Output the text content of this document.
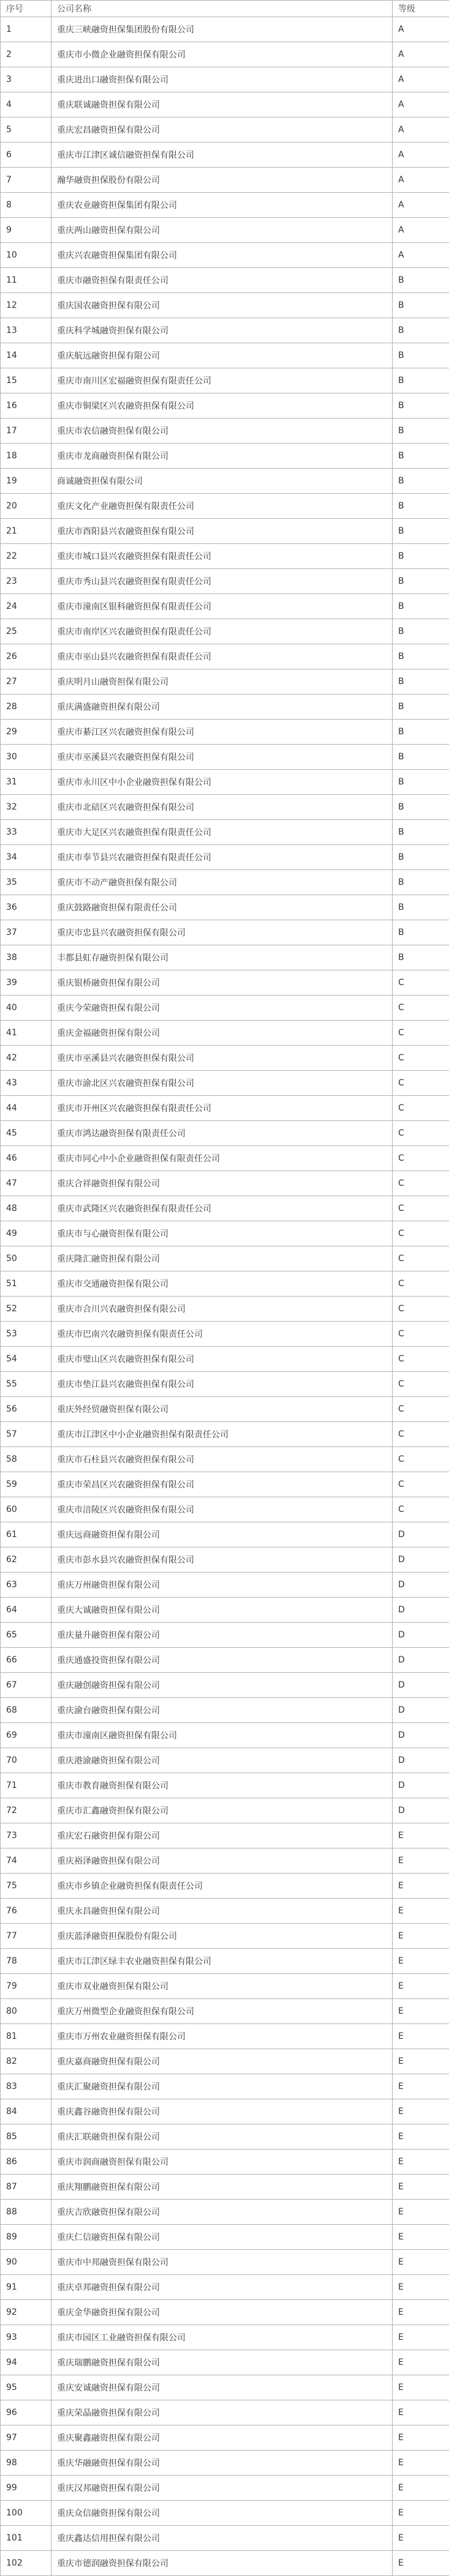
序号	公司名称	等级
1	重庆三峡融资担保集团股份有限公司	A
2	重庆市小微企业融资担保有限公司	A
3	重庆进出口融资担保有限公司	A
4	重庆联诚融资担保有限公司	A
5	重庆宏昌融资担保有限公司	A
6	重庆市江津区诚信融资担保有限公司	A
7	瀚华融资担保股份有限公司	A
8	重庆农业融资担保集团有限公司	A
9	重庆两山融资担保有限公司	A
10	重庆兴农融资担保集团有限公司	A
11	重庆市融资担保有限责任公司	B
12	重庆国农融资担保有限公司	B
13	重庆科学城融资担保有限公司	B
14	重庆航远融资担保有限公司	B
15	重庆市南川区宏福融资担保有限责任公司	B
16	重庆市铜梁区兴农融资担保有限公司	B
17	重庆市农信融资担保有限公司	B
18	重庆市龙商融资担保有限公司	B
19	商诚融资担保有限公司	B
20	重庆文化产业融资担保有限责任公司	B
21	重庆市酉阳县兴农融资担保有限公司	B
22	重庆市城口县兴农融资担保有限责任公司	B
23	重庆市秀山县兴农融资担保有限责任公司	B
24	重庆市潼南区银科融资担保有限责任公司	B
25	重庆市南岸区兴农融资担保有限责任公司	B
26	重庆市巫山县兴农融资担保有限责任公司	B
27	重庆明月山融资担保有限公司	B
28	重庆满盛融资担保有限公司	B
29	重庆市綦江区兴农融资担保有限公司	B
30	重庆市巫溪县兴农融资担保有限公司	B
31	重庆市永川区中小企业融资担保有限公司	B
32	重庆市北碚区兴农融资担保有限公司	B
33	重庆市大足区兴农融资担保有限责任公司	B
34	重庆市奉节县兴农融资担保有限责任公司	B
35	重庆市不动产融资担保有限公司	B
36	重庆鼓路融资担保有限责任公司	B
37	重庆市忠县兴农融资担保有限公司	B
38	丰都县虹存融资担保有限公司	B
39	重庆银桥融资担保有限公司	C
40	重庆今荣融资担保有限公司	C
41	重庆金福融资担保有限公司	C
42	重庆市巫溪县兴农融资担保有限公司	C
43	重庆市渝北区兴农融资担保有限公司	C
44	重庆市开州区兴农融资担保有限责任公司	C
45	重庆市鸿达融资担保有限责任公司	C
46	重庆市同心中小企业融资担保有限责任公司	C
47	重庆合祥融资担保有限公司	C
48	重庆市武隆区兴农融资担保有限责任公司	C
49	重庆市与心融资担保有限公司	C
50	重庆隆汇融资担保有限公司	C
51	重庆市交通融资担保有限公司	C
52	重庆市合川兴农融资担保有限公司	C
53	重庆市巴南兴农融资担保有限责任公司	C
54	重庆市璧山区兴农融资担保有限公司	C
55	重庆市垫江县兴农融资担保有限公司	C
56	重庆外经贸融资担保有限公司	C
57	重庆市江津区中小企业融资担保有限责任公司	C
58	重庆市石柱县兴农融资担保有限公司	C
59	重庆市荣昌区兴农融资担保有限公司	C
60	重庆市涪陵区兴农融资担保有限公司	C
61	重庆远商融资担保有限公司	D
62	重庆市彭水县兴农融资担保有限公司	D
63	重庆万州融资担保有限公司	D
64	重庆大诚融资担保有限公司	D
65	重庆量升融资担保有限公司	D
66	重庆通盛投资担保有限公司	D
67	重庆融创融资担保有限公司	D
68	重庆渝台融资担保有限公司	D
69	重庆市潼南区融资担保有限公司	D
70	重庆港渝融资担保有限公司	D
71	重庆市教育融资担保有限公司	D
72	重庆市汇鑫融资担保有限公司	D
73	重庆宏石融资担保有限公司	E
74	重庆裕泽融资担保有限公司	E
75	重庆市乡镇企业融资担保有限责任公司	E
76	重庆永昌融资担保有限公司	E
77	重庆蓝泽融资担保股份有限公司	E
78	重庆市江津区绿丰农业融资担保有限公司	E
79	重庆市双业融资担保有限公司	E
80	重庆万州微型企业融资担保有限公司	E
81	重庆市万州农业融资担保有限公司	E
82	重庆嘉商融资担保有限公司	E
83	重庆汇聚融资担保有限公司	E
84	重庆鑫谷融资担保有限公司	E
85	重庆汇联融资担保有限公司	E
86	重庆市润商融资担保有限公司	E
87	重庆翔鹏融资担保有限公司	E
88	重庆吉欣融资担保有限公司	E
89	重庆仁信融资担保有限公司	E
90	重庆市中邦融资担保有限公司	E
91	重庆卓邦融资担保有限公司	E
92	重庆金华融资担保有限公司	E
93	重庆市园区工业融资担保有限公司	E
94	重庆瑞鹏融资担保有限公司	E
95	重庆安诚融资担保有限公司	E
96	重庆荣晶融资担保有限公司	E
97	重庆聚鑫融资担保有限公司	E
98	重庆华融融资担保有限公司	E
99	重庆汉邦融资担保有限公司	E
100	重庆众信融资担保有限公司	E
101	重庆鑫达信用担保有限公司	E
102	重庆市德润融资担保有限公司	E
